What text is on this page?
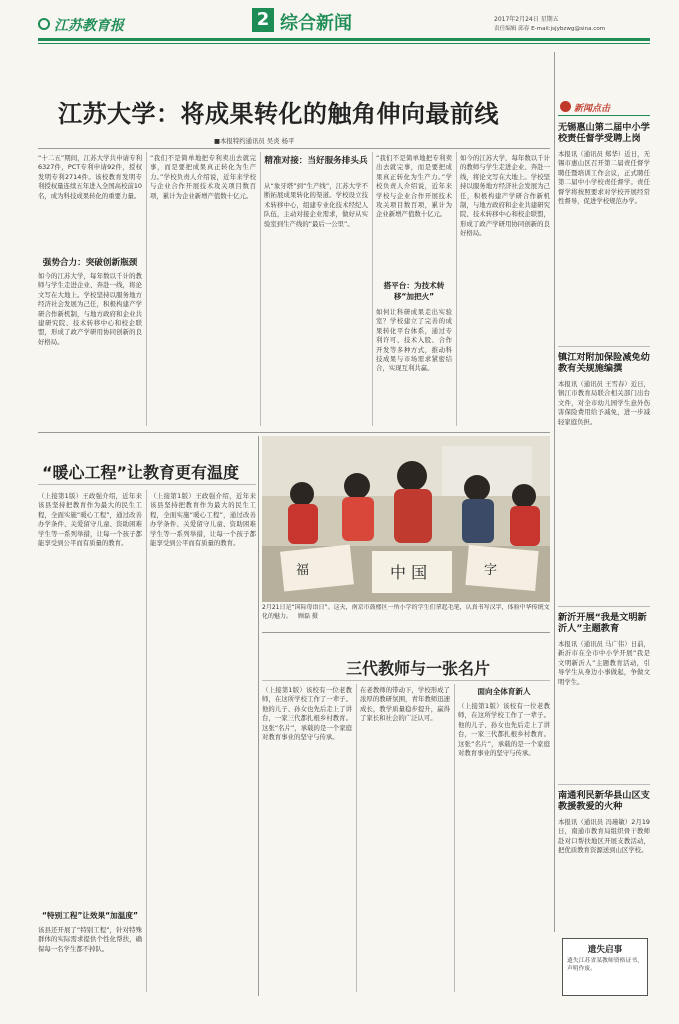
江苏教育报	2 综合新闻	2017年2月24日 星期五
责任编辑 邱春 E-mail:jsjybzwg@sina.com
江苏大学：将成果转化的触角伸向最前线
■本报特约通讯员 吴炎 杨平
“十二五”期间，江苏大学共申请专利6327件，PCT专利申请92件，授权发明专利2714件。该校教育发明专利授权量连续五年进入全国高校前10名，成为科技成果转化的重要力量。
强势合力：突破创新瓶颈
如今的江苏大学，每年数以千计的教师与学生走进企业、奔赴一线，将论文写在大地上。学校坚持以服务地方经济社会发展为己任，积极构建产学研合作新机制，与地方政府和企业共建研究院、技术转移中心和校企联盟，形成了政产学研用协同创新的良好格局。
“我们不是简单地把专利卖出去就完事，而是要把成果真正转化为生产力。”学校负责人介绍说，近年来学校与企业合作开展技术攻关项目数百项，累计为企业新增产值数十亿元。
精准对接：当好服务排头兵
从“象牙塔”到“生产线”，江苏大学不断拓展成果转化的渠道。学校设立技术转移中心，组建专业化技术经纪人队伍，主动对接企业需求，做好从实验室到生产线的“最后一公里”。
“我们不是简单地把专利卖出去就完事，而是要把成果真正转化为生产力。”学校负责人介绍说，近年来学校与企业合作开展技术攻关项目数百项，累计为企业新增产值数十亿元。
搭平台：为技术转移“加把火”
如何让科研成果走出实验室？学校建立了完善的成果转化平台体系，通过专利许可、技术入股、合作开发等多种方式，推动科技成果与市场需求紧密结合，实现互利共赢。
如今的江苏大学，每年数以千计的教师与学生走进企业、奔赴一线，将论文写在大地上。学校坚持以服务地方经济社会发展为己任，积极构建产学研合作新机制，与地方政府和企业共建研究院、技术转移中心和校企联盟，形成了政产学研用协同创新的良好格局。
新闻点击
无锡惠山第二届中小学校责任督学受聘上岗
本报讯（通讯员 郑华）近日，无锡市惠山区召开第二届责任督学聘任暨培训工作会议，正式聘任第二届中小学校责任督学。责任督学将按照要求对学校开展经常性督导，促进学校规范办学。
镇江对附加保险减免幼教有关规施编撰
本报讯（通讯员 王雪春）近日，镇江市教育局联合相关部门出台文件，对全市幼儿园学生意外伤害保险费用给予减免，进一步减轻家庭负担。
新沂开展“我是文明新沂人”主题教育
本报讯（通讯员 马广伟）日前，新沂市在全市中小学开展“我是文明新沂人”主题教育活动，引导学生从身边小事做起，争做文明学生。
南通利民新华县山区支教援教爱的火种
本报讯（通讯员 冯瑾敏）2月19日，南通市教育局组织骨干教师赴对口帮扶地区开展支教活动，把优质教育资源送到山区学校。
遗失启事
遗失江苏省某教师资格证书，声明作废。
“暖心工程”让教育更有温度
（上接第1版）王政强介绍，近年来该县坚持把教育作为最大的民生工程，全面实施“暖心工程”，通过改善办学条件、关爱留守儿童、资助困难学生等一系列举措，让每一个孩子都能享受到公平而有质量的教育。
“特别工程”让效果“加温度”
该县还开展了“特别工程”，针对特殊群体的实际需求提供个性化帮扶，确保每一名学生都不掉队。
（上接第1版）王政强介绍，近年来该县坚持把教育作为最大的民生工程，全面实施“暖心工程”，通过改善办学条件、关爱留守儿童、资助困难学生等一系列举措，让每一个孩子都能享受到公平而有质量的教育。
中 国
福	字
2月21日是“国际母语日”。这天，南京市鼓楼区一所小学的学生们拿起毛笔，认真书写汉字，体验中华传统文化的魅力。 顾磊 摄
三代教师与一张名片
（上接第1版）该校有一位老教师，在这所学校工作了一辈子。他的儿子、孙女也先后走上了讲台，一家三代都扎根乡村教育。这张“名片”，承载的是一个家庭对教育事业的坚守与传承。
在老教师的带动下，学校形成了浓厚的教研氛围，青年教师迅速成长，教学质量稳步提升，赢得了家长和社会的广泛认可。
面向全体育新人
（上接第1版）该校有一位老教师，在这所学校工作了一辈子。他的儿子、孙女也先后走上了讲台，一家三代都扎根乡村教育。这张“名片”，承载的是一个家庭对教育事业的坚守与传承。
